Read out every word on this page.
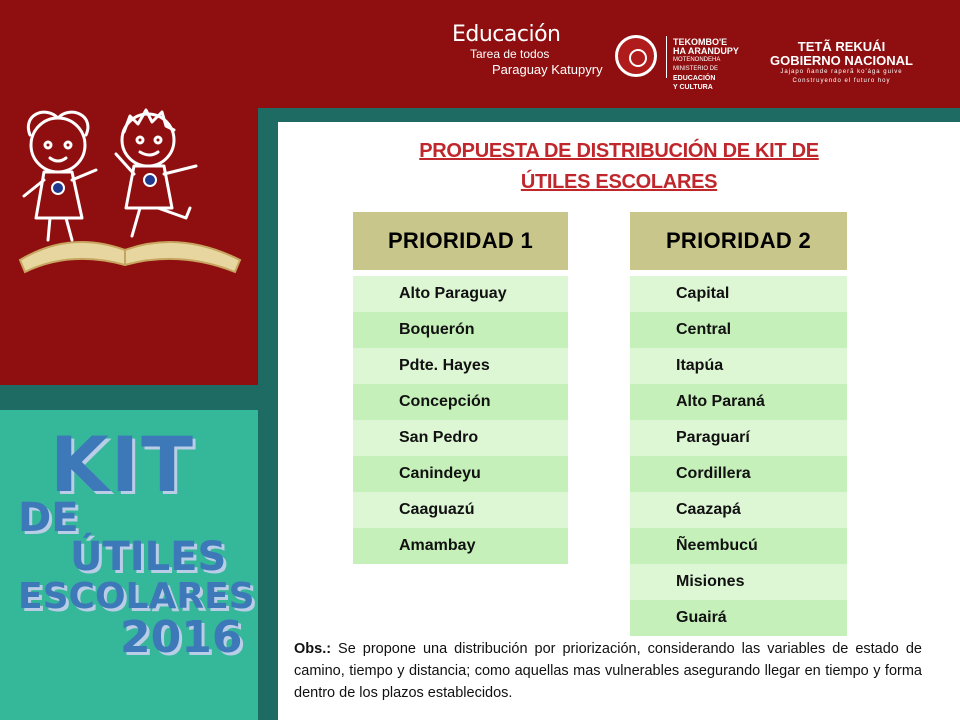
Educación
Tarea de todos
Paraguay Katupyry
TEKOMBO'E
HA ARANDUPY
MOTENONDEHA
MINISTERIO DE
EDUCACIÓN
Y CULTURA
TETÃ REKUÁI
GOBIERNO NACIONAL
Jajapo ñande raperã ko'ága guive
Construyendo el futuro hoy
KIT
DE
ÚTILES
ESCOLARES
2016
PROPUESTA DE DISTRIBUCIÓN DE KIT DE
ÚTILES ESCOLARES
PRIORIDAD 1
Alto Paraguay
Boquerón
Pdte. Hayes
Concepción
San Pedro
Canindeyu
Caaguazú
Amambay
PRIORIDAD 2
Capital
Central
Itapúa
Alto Paraná
Paraguarí
Cordillera
Caazapá
Ñeembucú
Misiones
Guairá
Obs.: Se propone una distribución por priorización, considerando las variables de estado de camino, tiempo y distancia; como aquellas mas vulnerables asegurando llegar en tiempo y forma dentro de los plazos establecidos.
